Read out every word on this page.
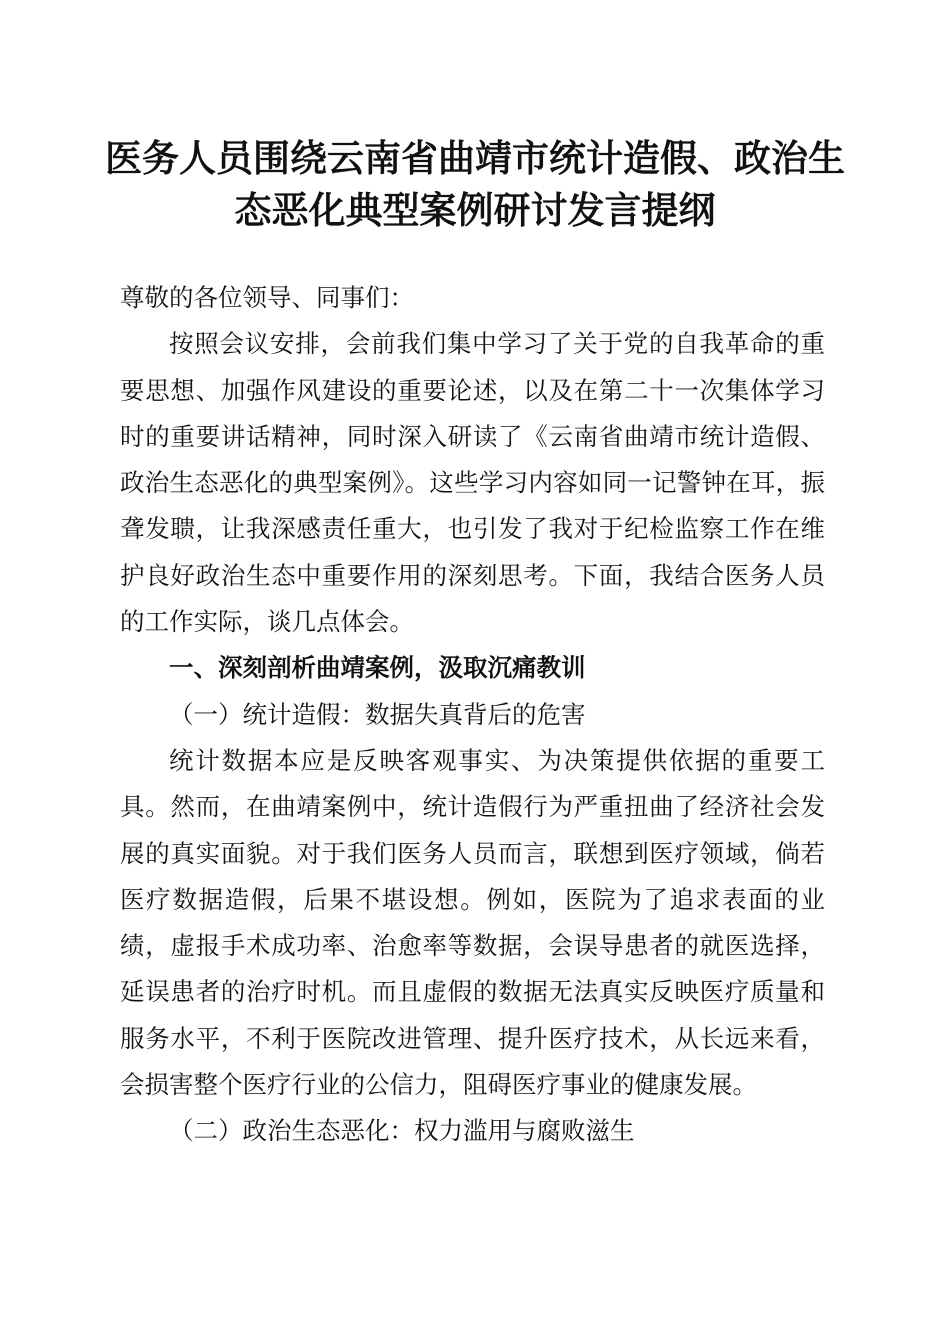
医务人员围绕云南省曲靖市统计造假、政治生
态恶化典型案例研讨发言提纲

尊敬的各位领导、同事们：

按照会议安排，会前我们集中学习了关于党的自我革命的重要思想、加强作风建设的重要论述，以及在第二十一次集体学习时的重要讲话精神，同时深入研读了《云南省曲靖市统计造假、政治生态恶化的典型案例》。这些学习内容如同一记警钟在耳，振聋发聩，让我深感责任重大，也引发了我对于纪检监察工作在维护良好政治生态中重要作用的深刻思考。下面，我结合医务人员的工作实际，谈几点体会。

一、深刻剖析曲靖案例，汲取沉痛教训

（一）统计造假：数据失真背后的危害

统计数据本应是反映客观事实、为决策提供依据的重要工具。然而，在曲靖案例中，统计造假行为严重扭曲了经济社会发展的真实面貌。对于我们医务人员而言，联想到医疗领域，倘若医疗数据造假，后果不堪设想。例如，医院为了追求表面的业绩，虚报手术成功率、治愈率等数据，会误导患者的就医选择，延误患者的治疗时机。而且虚假的数据无法真实反映医疗质量和服务水平，不利于医院改进管理、提升医疗技术，从长远来看，会损害整个医疗行业的公信力，阻碍医疗事业的健康发展。

（二）政治生态恶化：权力滥用与腐败滋生
